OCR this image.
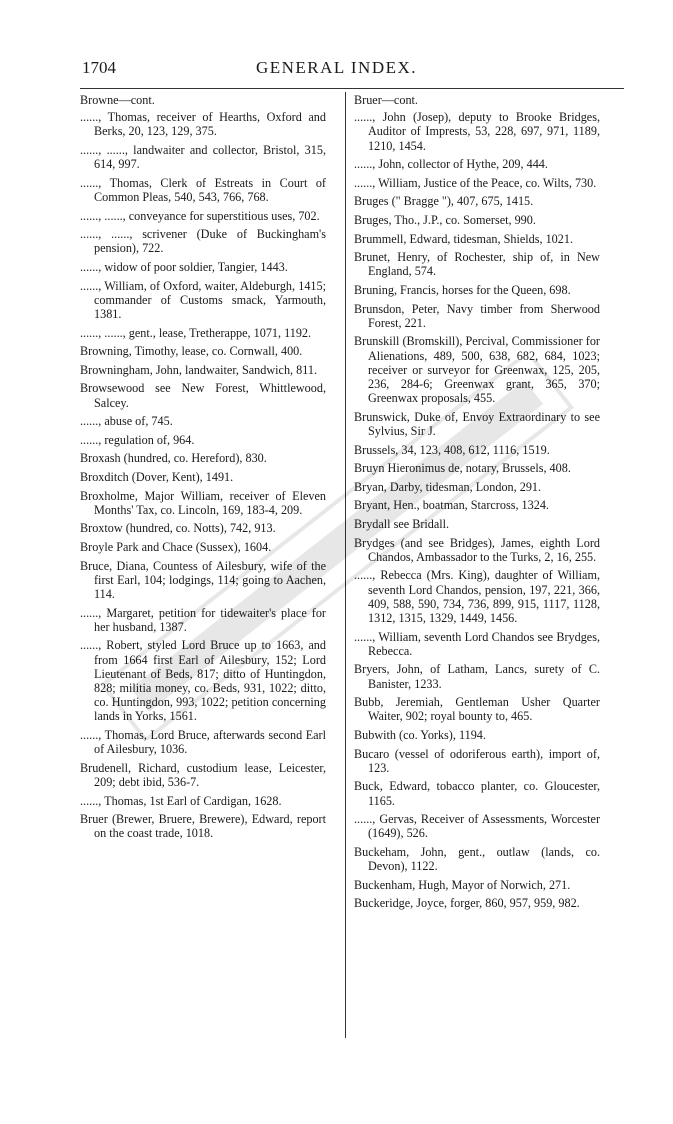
1704	GENERAL INDEX.

Browne—cont.

......, Thomas, receiver of Hearths, Oxford and Berks, 20, 123, 129, 375.

......, ......, landwaiter and collector, Bristol, 315, 614, 997.

......, Thomas, Clerk of Estreats in Court of Common Pleas, 540, 543, 766, 768.

......, ......, conveyance for superstitious uses, 702.

......, ......, scrivener (Duke of Buckingham's pension), 722.

......, widow of poor soldier, Tangier, 1443.

......, William, of Oxford, waiter, Aldeburgh, 1415; commander of Customs smack, Yarmouth, 1381.

......, ......, gent., lease, Tretherappe, 1071, 1192.

Browning, Timothy, lease, co. Cornwall, 400.

Browningham, John, landwaiter, Sandwich, 811.

Browsewood see New Forest, Whittlewood, Salcey.

......, abuse of, 745.

......, regulation of, 964.

Broxash (hundred, co. Hereford), 830.

Broxditch (Dover, Kent), 1491.

Broxholme, Major William, receiver of Eleven Months' Tax, co. Lincoln, 169, 183-4, 209.

Broxtow (hundred, co. Notts), 742, 913.

Broyle Park and Chace (Sussex), 1604.

Bruce, Diana, Countess of Ailesbury, wife of the first Earl, 104; lodgings, 114; going to Aachen, 114.

......, Margaret, petition for tidewaiter's place for her husband, 1387.

......, Robert, styled Lord Bruce up to 1663, and from 1664 first Earl of Ailesbury, 152; Lord Lieutenant of Beds, 817; ditto of Huntingdon, 828; militia money, co. Beds, 931, 1022; ditto, co. Huntingdon, 993, 1022; petition concerning lands in Yorks, 1561.

......, Thomas, Lord Bruce, afterwards second Earl of Ailesbury, 1036.

Brudenell, Richard, custodium lease, Leicester, 209; debt ibid, 536-7.

......, Thomas, 1st Earl of Cardigan, 1628.

Bruer (Brewer, Bruere, Brewere), Edward, report on the coast trade, 1018.

Bruer—cont.

......, John (Josep), deputy to Brooke Bridges, Auditor of Imprests, 53, 228, 697, 971, 1189, 1210, 1454.

......, John, collector of Hythe, 209, 444.

......, William, Justice of the Peace, co. Wilts, 730.

Bruges (" Bragge "), 407, 675, 1415.

Bruges, Tho., J.P., co. Somerset, 990.

Brummell, Edward, tidesman, Shields, 1021.

Brunet, Henry, of Rochester, ship of, in New England, 574.

Bruning, Francis, horses for the Queen, 698.

Brunsdon, Peter, Navy timber from Sherwood Forest, 221.

Brunskill (Bromskill), Percival, Commissioner for Alienations, 489, 500, 638, 682, 684, 1023; receiver or surveyor for Greenwax, 125, 205, 236, 284-6; Greenwax grant, 365, 370; Greenwax proposals, 455.

Brunswick, Duke of, Envoy Extraordinary to see Sylvius, Sir J.

Brussels, 34, 123, 408, 612, 1116, 1519.

Bruyn Hieronimus de, notary, Brussels, 408.

Bryan, Darby, tidesman, London, 291.

Bryant, Hen., boatman, Starcross, 1324.

Brydall see Bridall.

Brydges (and see Bridges), James, eighth Lord Chandos, Ambassador to the Turks, 2, 16, 255.

......, Rebecca (Mrs. King), daughter of William, seventh Lord Chandos, pension, 197, 221, 366, 409, 588, 590, 734, 736, 899, 915, 1117, 1128, 1312, 1315, 1329, 1449, 1456.

......, William, seventh Lord Chandos see Brydges, Rebecca.

Bryers, John, of Latham, Lancs, surety of C. Banister, 1233.

Bubb, Jeremiah, Gentleman Usher Quarter Waiter, 902; royal bounty to, 465.

Bubwith (co. Yorks), 1194.

Bucaro (vessel of odoriferous earth), import of, 123.

Buck, Edward, tobacco planter, co. Gloucester, 1165.

......, Gervas, Receiver of Assessments, Worcester (1649), 526.

Buckeham, John, gent., outlaw (lands, co. Devon), 1122.

Buckenham, Hugh, Mayor of Norwich, 271.

Buckeridge, Joyce, forger, 860, 957, 959, 982.
